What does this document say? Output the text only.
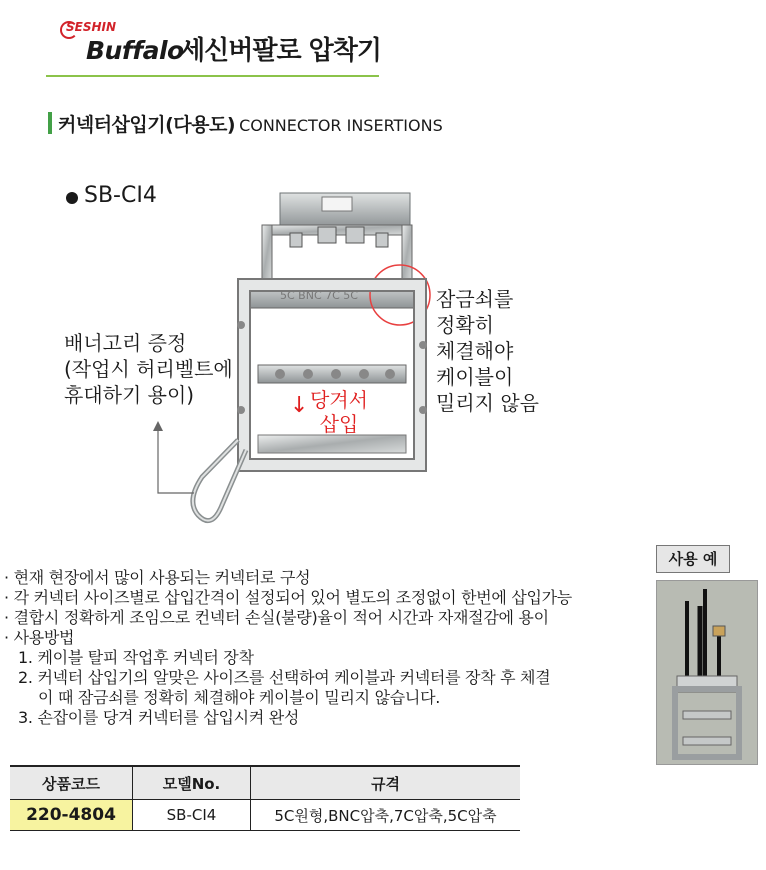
SESHIN
Buffalo
세신버팔로 압착기
커넥터삽입기(다용도) CONNECTOR INSERTIONS
SB-CI4
5C BNC 7C 5C
배너고리 증정
(작업시 허리벨트에
휴대하기 용이)
잠금쇠를
정확히
체결해야
케이블이
밀리지 않음
↓ 당겨서
삽입
· 현재 현장에서 많이 사용되는 커넥터로 구성
· 각 커넥터 사이즈별로 삽입간격이 설정되어 있어 별도의 조정없이 한번에 삽입가능
· 결합시 정확하게 조임으로 컨넥터 손실(불량)율이 적어 시간과 자재절감에 용이
· 사용방법
1. 케이블 탈피 작업후 커넥터 장착
2. 커넥터 삽입기의 알맞은 사이즈를 선택하여 케이블과 커넥터를 장착 후 체결
이 때 잠금쇠를 정확히 체결해야 케이블이 밀리지 않습니다.
3. 손잡이를 당겨 커넥터를 삽입시켜 완성
사용 예
상품코드	모델No.	규격
220-4804	SB-CI4	5C원형,BNC압축,7C압축,5C압축
